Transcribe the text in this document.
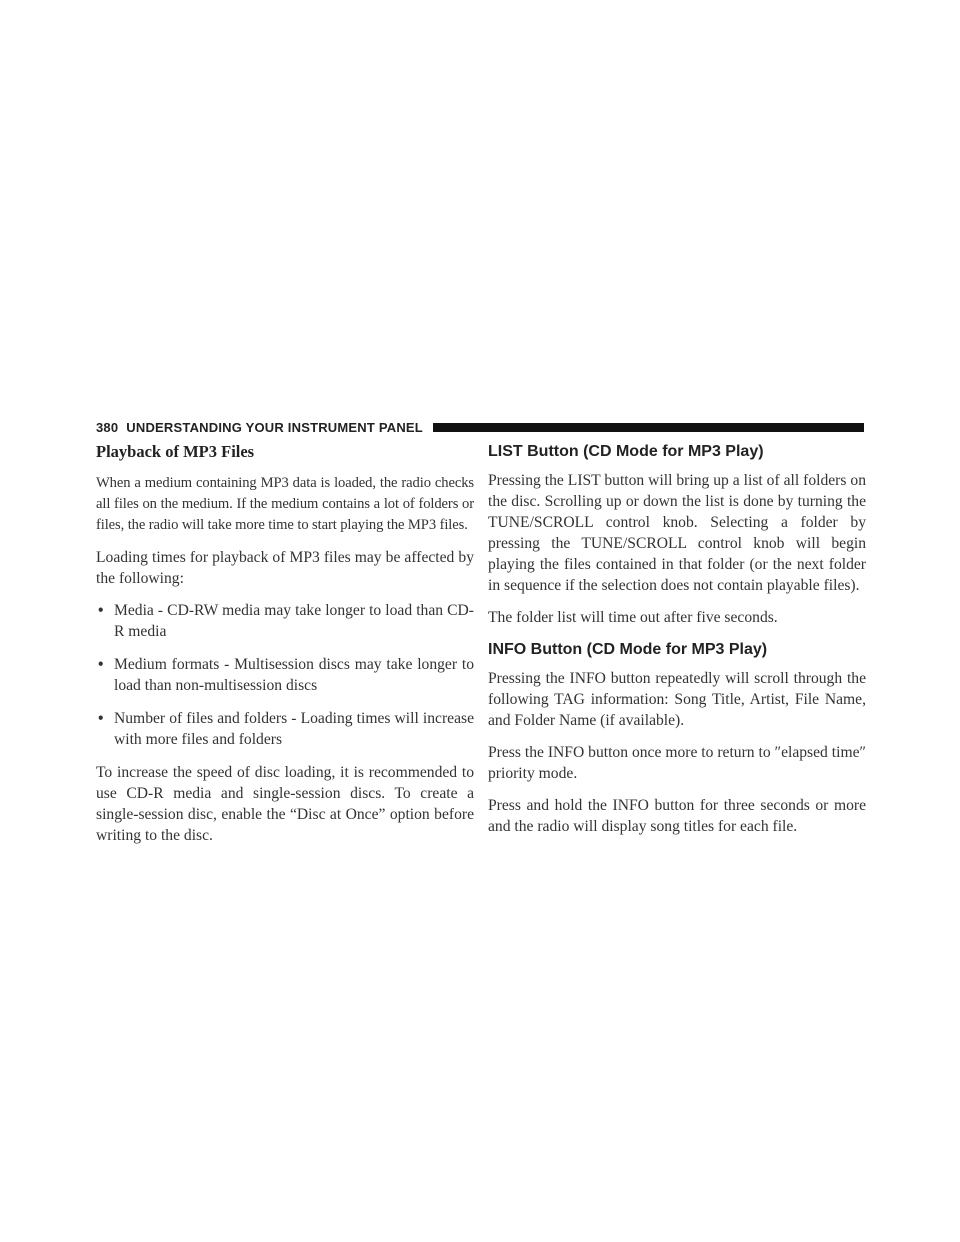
380 UNDERSTANDING YOUR INSTRUMENT PANEL
Playback of MP3 Files

When a medium containing MP3 data is loaded, the radio checks all files on the medium. If the medium contains a lot of folders or files, the radio will take more time to start playing the MP3 files.

Loading times for playback of MP3 files may be affected by the following:

• Media - CD-RW media may take longer to load than CD-R media
• Medium formats - Multisession discs may take longer to load than non-multisession discs
• Number of files and folders - Loading times will increase with more files and folders

To increase the speed of disc loading, it is recommended to use CD-R media and single-session discs. To create a single-session disc, enable the “Disc at Once” option before writing to the disc.

LIST Button (CD Mode for MP3 Play)

Pressing the LIST button will bring up a list of all folders on the disc. Scrolling up or down the list is done by turning the TUNE/SCROLL control knob. Selecting a folder by pressing the TUNE/SCROLL control knob will begin playing the files contained in that folder (or the next folder in sequence if the selection does not contain playable files).

The folder list will time out after five seconds.

INFO Button (CD Mode for MP3 Play)

Pressing the INFO button repeatedly will scroll through the following TAG information: Song Title, Artist, File Name, and Folder Name (if available).

Press the INFO button once more to return to ″elapsed time″ priority mode.

Press and hold the INFO button for three seconds or more and the radio will display song titles for each file.
